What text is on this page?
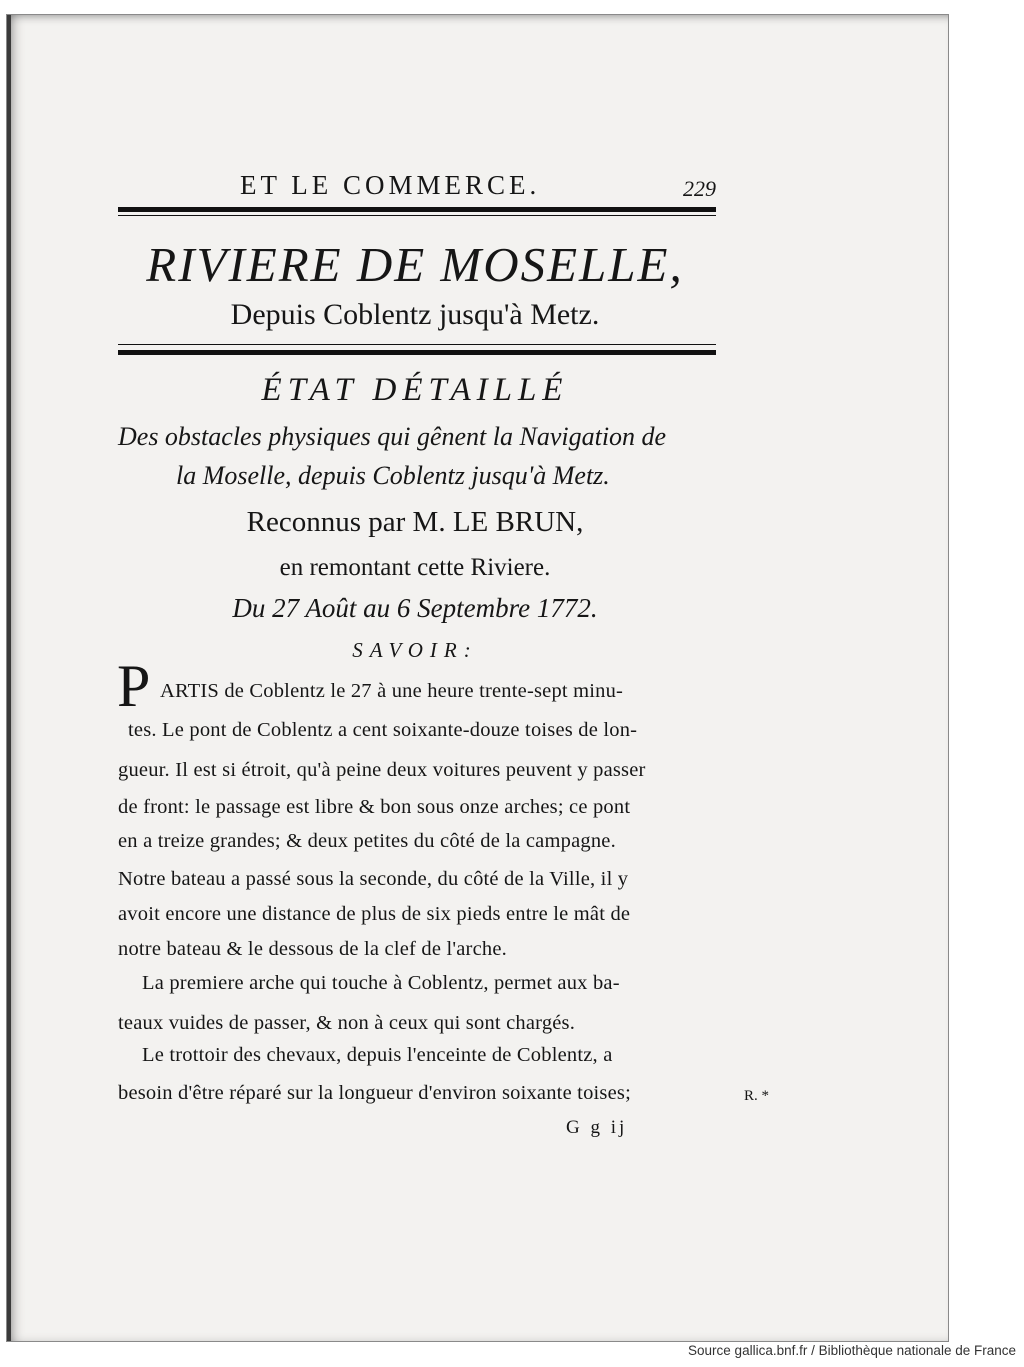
ET LE COMMERCE.	229
RIVIERE DE MOSELLE,
Depuis Coblentz jusqu'à Metz.
ÉTAT DÉTAILLÉ
Des obstacles physiques qui gênent la Navigation de
la Moselle, depuis Coblentz jusqu'à Metz.
Reconnus par M. LE BRUN,
en remontant cette Riviere.
Du 27 Août au 6 Septembre 1772.
SAVOIR:
P ARTIS de Coblentz le 27 à une heure trente-sept minu-
tes. Le pont de Coblentz a cent soixante-douze toises de lon-
gueur. Il est si étroit, qu'à peine deux voitures peuvent y passer
de front: le passage est libre & bon sous onze arches; ce pont
en a treize grandes; & deux petites du côté de la campagne.
Notre bateau a passé sous la seconde, du côté de la Ville, il y
avoit encore une distance de plus de six pieds entre le mât de
notre bateau & le dessous de la clef de l'arche.
La premiere arche qui touche à Coblentz, permet aux ba-
teaux vuides de passer, & non à ceux qui sont chargés.
Le trottoir des chevaux, depuis l'enceinte de Coblentz, a
besoin d'être réparé sur la longueur d'environ soixante toises;	R. *
G g ij
Source gallica.bnf.fr / Bibliothèque nationale de France
